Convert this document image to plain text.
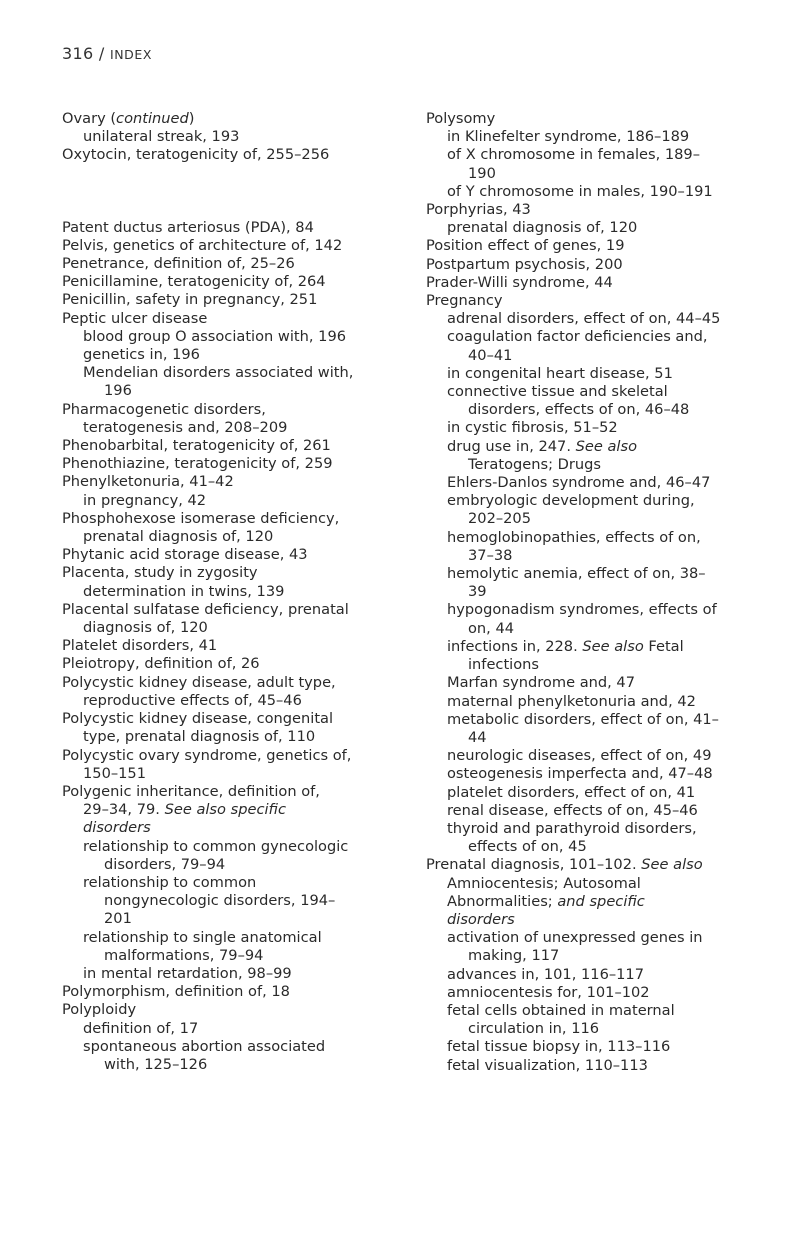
316 / INDEX
Ovary (continued)
unilateral streak, 193
Oxytocin, teratogenicity of, 255–256
Patent ductus arteriosus (PDA), 84
Pelvis, genetics of architecture of, 142
Penetrance, definition of, 25–26
Penicillamine, teratogenicity of, 264
Penicillin, safety in pregnancy, 251
Peptic ulcer disease
blood group O association with, 196
genetics in, 196
Mendelian disorders associated with,
196
Pharmacogenetic disorders,
teratogenesis and, 208–209
Phenobarbital, teratogenicity of, 261
Phenothiazine, teratogenicity of, 259
Phenylketonuria, 41–42
in pregnancy, 42
Phosphohexose isomerase deficiency,
prenatal diagnosis of, 120
Phytanic acid storage disease, 43
Placenta, study in zygosity
determination in twins, 139
Placental sulfatase deficiency, prenatal
diagnosis of, 120
Platelet disorders, 41
Pleiotropy, definition of, 26
Polycystic kidney disease, adult type,
reproductive effects of, 45–46
Polycystic kidney disease, congenital
type, prenatal diagnosis of, 110
Polycystic ovary syndrome, genetics of,
150–151
Polygenic inheritance, definition of,
29–34, 79. See also specific
disorders
relationship to common gynecologic
disorders, 79–94
relationship to common
nongynecologic disorders, 194–
201
relationship to single anatomical
malformations, 79–94
in mental retardation, 98–99
Polymorphism, definition of, 18
Polyploidy
definition of, 17
spontaneous abortion associated
with, 125–126
Polysomy
in Klinefelter syndrome, 186–189
of X chromosome in females, 189–
190
of Y chromosome in males, 190–191
Porphyrias, 43
prenatal diagnosis of, 120
Position effect of genes, 19
Postpartum psychosis, 200
Prader-Willi syndrome, 44
Pregnancy
adrenal disorders, effect of on, 44–45
coagulation factor deficiencies and,
40–41
in congenital heart disease, 51
connective tissue and skeletal
disorders, effects of on, 46–48
in cystic fibrosis, 51–52
drug use in, 247. See also
Teratogens; Drugs
Ehlers-Danlos syndrome and, 46–47
embryologic development during,
202–205
hemoglobinopathies, effects of on,
37–38
hemolytic anemia, effect of on, 38–
39
hypogonadism syndromes, effects of
on, 44
infections in, 228. See also Fetal
infections
Marfan syndrome and, 47
maternal phenylketonuria and, 42
metabolic disorders, effect of on, 41–
44
neurologic diseases, effect of on, 49
osteogenesis imperfecta and, 47–48
platelet disorders, effect of on, 41
renal disease, effects of on, 45–46
thyroid and parathyroid disorders,
effects of on, 45
Prenatal diagnosis, 101–102. See also
Amniocentesis; Autosomal
Abnormalities; and specific
disorders
activation of unexpressed genes in
making, 117
advances in, 101, 116–117
amniocentesis for, 101–102
fetal cells obtained in maternal
circulation in, 116
fetal tissue biopsy in, 113–116
fetal visualization, 110–113
